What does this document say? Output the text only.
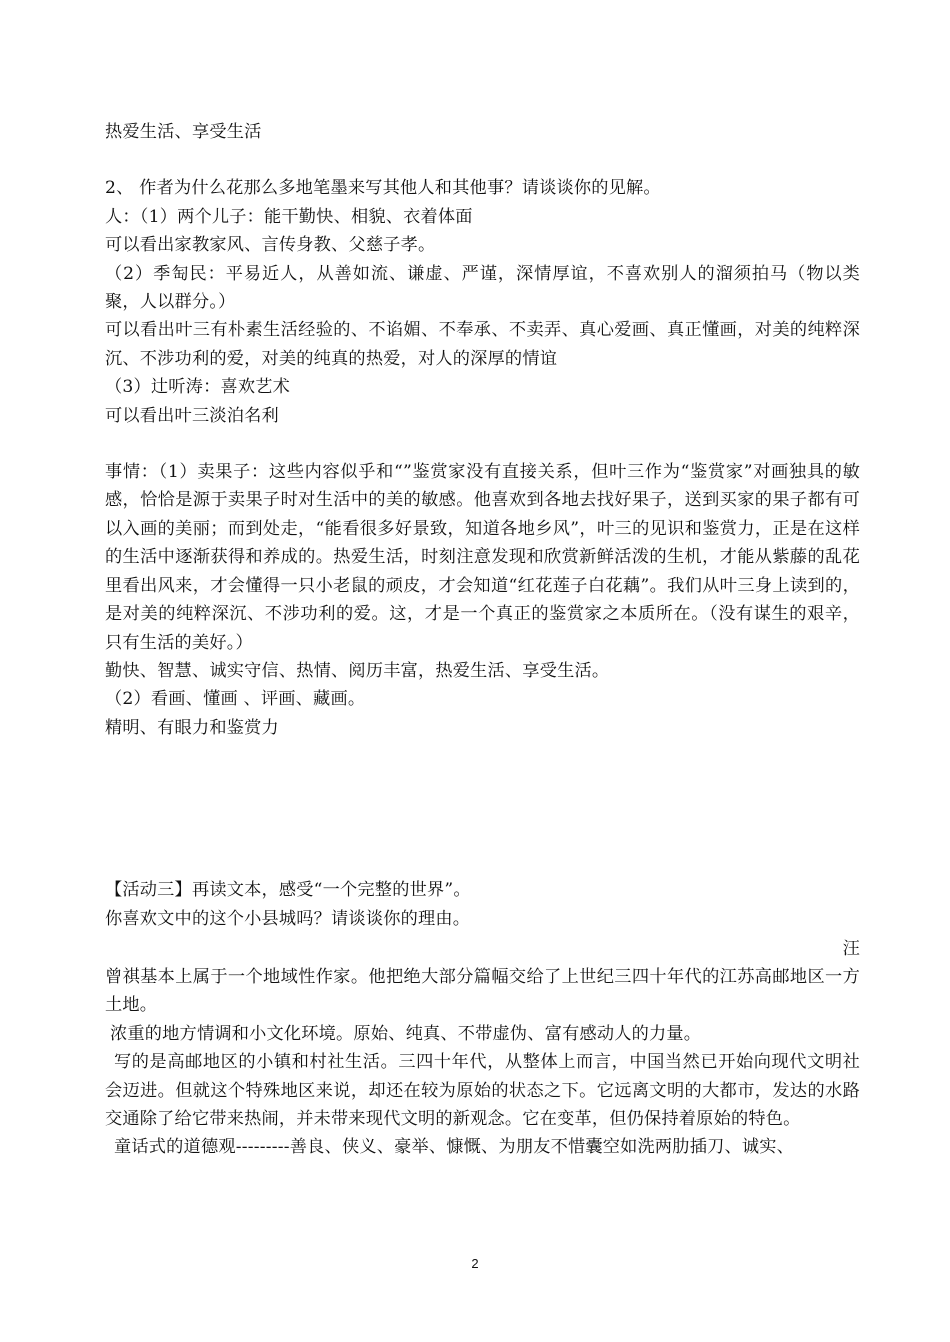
热爱生活、享受生活

2、 作者为什么花那么多地笔墨来写其他人和其他事？请谈谈你的见解。

人：（1）两个儿子：能干勤快、相貌、衣着体面

可以看出家教家风、言传身教、父慈子孝。

（2）季匋民：平易近人，从善如流、谦虚、严谨，深情厚谊，不喜欢别人的溜须拍马（物以类聚，人以群分。）

可以看出叶三有朴素生活经验的、不谄媚、不奉承、不卖弄、真心爱画、真正懂画，对美的纯粹深沉、不涉功利的爱，对美的纯真的热爱，对人的深厚的情谊

（3）辻听涛：喜欢艺术

可以看出叶三淡泊名利

事情：（1）卖果子：这些内容似乎和“”鉴赏家没有直接关系，但叶三作为“鉴赏家”对画独具的敏感，恰恰是源于卖果子时对生活中的美的敏感。他喜欢到各地去找好果子，送到买家的果子都有可以入画的美丽；而到处走，“能看很多好景致，知道各地乡风”，叶三的见识和鉴赏力，正是在这样的生活中逐渐获得和养成的。热爱生活，时刻注意发现和欣赏新鲜活泼的生机，才能从紫藤的乱花里看出风来，才会懂得一只小老鼠的顽皮，才会知道“红花莲子白花藕”。我们从叶三身上读到的，是对美的纯粹深沉、不涉功利的爱。这，才是一个真正的鉴赏家之本质所在。（没有谋生的艰辛，只有生活的美好。）

勤快、智慧、诚实守信、热情、阅历丰富，热爱生活、享受生活。

（2）看画、懂画 、评画、藏画。

精明、有眼力和鉴赏力

【活动三】再读文本，感受“一个完整的世界”。

你喜欢文中的这个小县城吗？请谈谈你的理由。

汪

曾祺基本上属于一个地域性作家。他把绝大部分篇幅交给了上世纪三四十年代的江苏高邮地区一方土地。

浓重的地方情调和小文化环境。原始、纯真、不带虚伪、富有感动人的力量。

写的是高邮地区的小镇和村社生活。三四十年代，从整体上而言，中国当然已开始向现代文明社会迈进。但就这个特殊地区来说，却还在较为原始的状态之下。它远离文明的大都市，发达的水路交通除了给它带来热闹，并未带来现代文明的新观念。它在变革，但仍保持着原始的特色。

童话式的道德观---------善良、侠义、豪举、慷慨、为朋友不惜囊空如洗两肋插刀、诚实、

2
